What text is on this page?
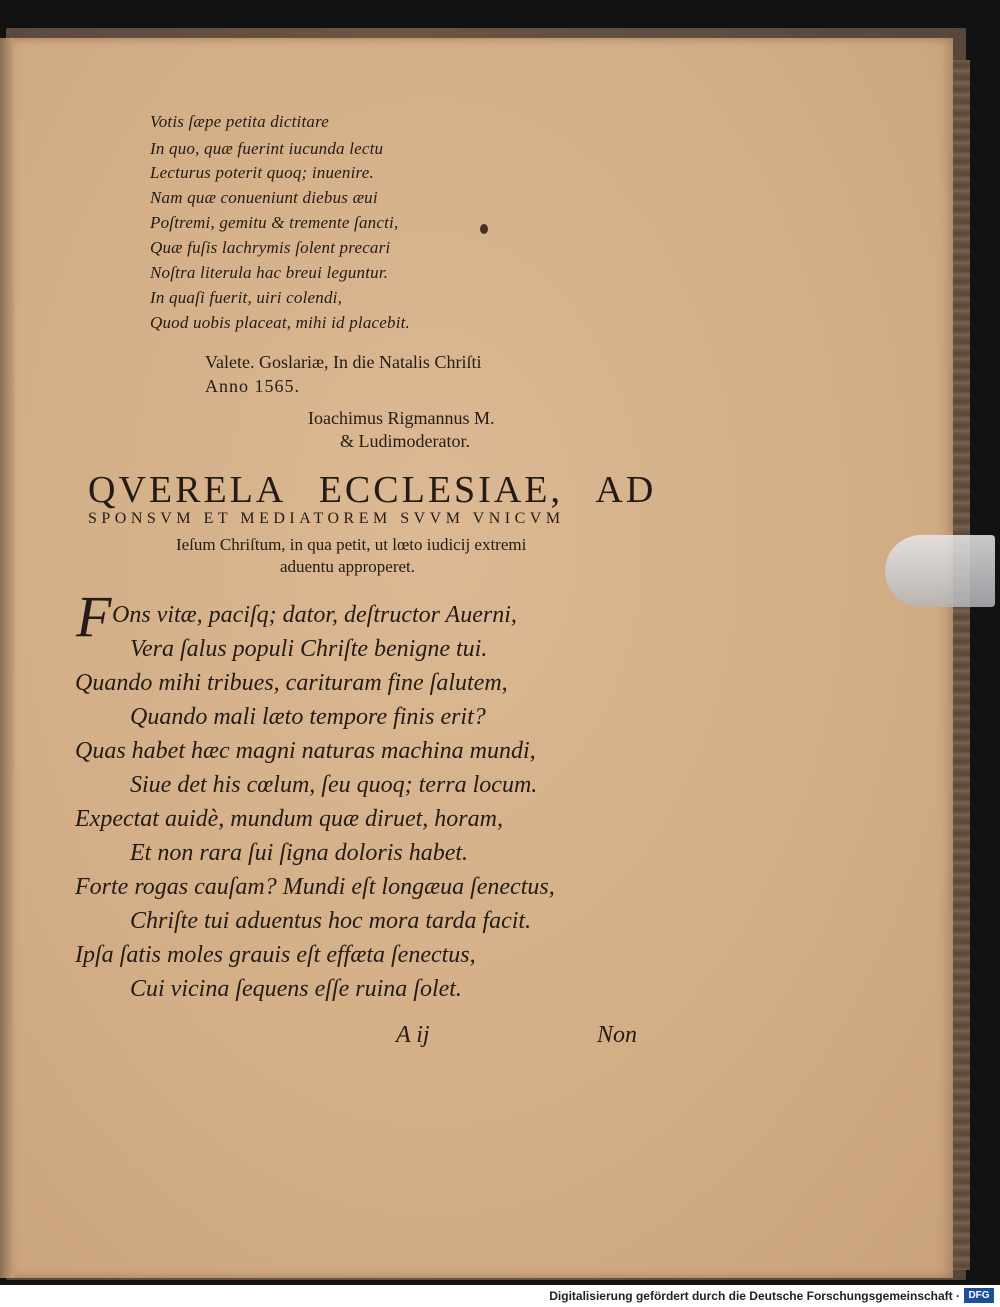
Votis ſæpe petita dictitare
In quo, quæ fuerint iucunda lectu
Lecturus poterit quoq; inuenire.
Nam quæ conueniunt diebus æui
Poſtremi, gemitu & tremente ſancti,
Quæ fuſis lachrymis ſolent precari
Noſtra literula hac breui leguntur.
In quaſi fuerit, uiri colendi,
Quod uobis placeat, mihi id placebit.
Valete. Goslariæ, In die Natalis Chriſti
Anno 1565.
Ioachimus Rigmannus M.
& Ludimoderator.
QVERELA ECCLESIAE, AD
SPONSVM ET MEDIATOREM SVVM VNICVM
Ieſum Chriſtum, in qua petit, ut lœto iudicij extremi
aduentu approperet.
F Ons vitæ, paciſq; dator, deſtructor Auerni,
Vera ſalus populi Chriſte benigne tui.
Quando mihi tribues, carituram fine ſalutem,
Quando mali læto tempore finis erit?
Quas habet hæc magni naturas machina mundi,
Siue det his cœlum, ſeu quoq; terra locum.
Expectat auidè, mundum quæ diruet, horam,
Et non rara ſui ſigna doloris habet.
Forte rogas cauſam? Mundi eſt longæua ſenectus,
Chriſte tui aduentus hoc mora tarda facit.
Ipſa ſatis moles grauis eſt effæta ſenectus,
Cui vicina ſequens eſſe ruina ſolet.
A ij	Non
Digitalisierung gefördert durch die Deutsche Forschungsgemeinschaft · DFG
